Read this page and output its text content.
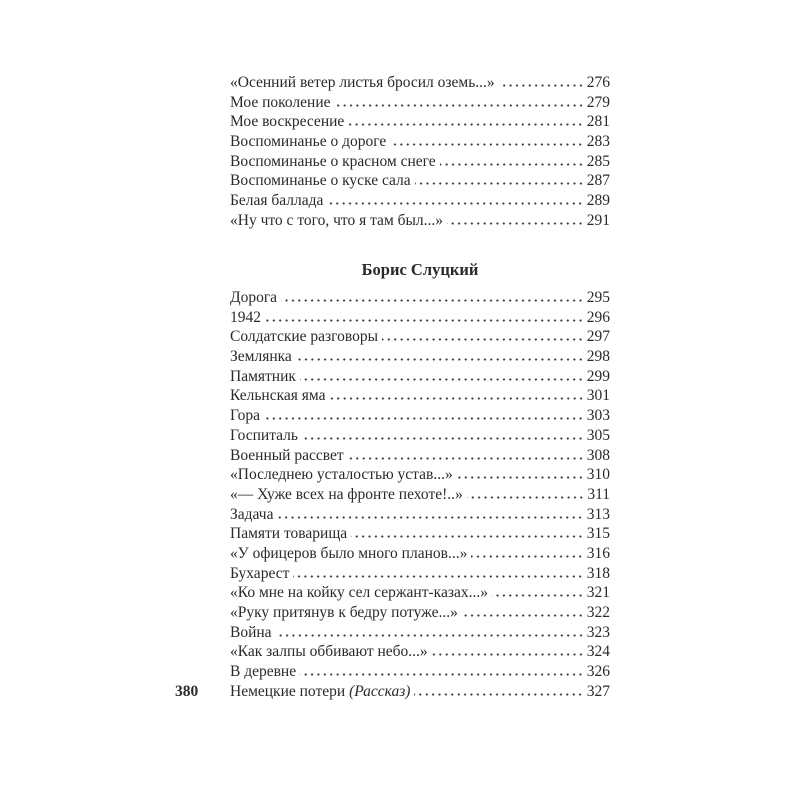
«Осенний ветер листья бросил оземь...»	276
Мое поколение	279
Мое воскресение	281
Воспоминанье о дороге	283
Воспоминанье о красном снеге	285
Воспоминанье о куске сала	287
Белая баллада	289
«Ну что с того, что я там был...»	291
Борис Слуцкий
Дорога	295
1942	296
Солдатские разговоры	297
Землянка	298
Памятник	299
Кельнская яма	301
Гора	303
Госпиталь	305
Военный рассвет	308
«Последнею усталостью устав...»	310
«— Хуже всех на фронте пехоте!..»	311
Задача	313
Памяти товарища	315
«У офицеров было много планов...»	316
Бухарест	318
«Ко мне на койку сел сержант-казах...»	321
«Руку притянув к бедру потуже...»	322
Война	323
«Как залпы оббивают небо...»	324
В деревне	326
Немецкие потери (Рассказ)	327
380
